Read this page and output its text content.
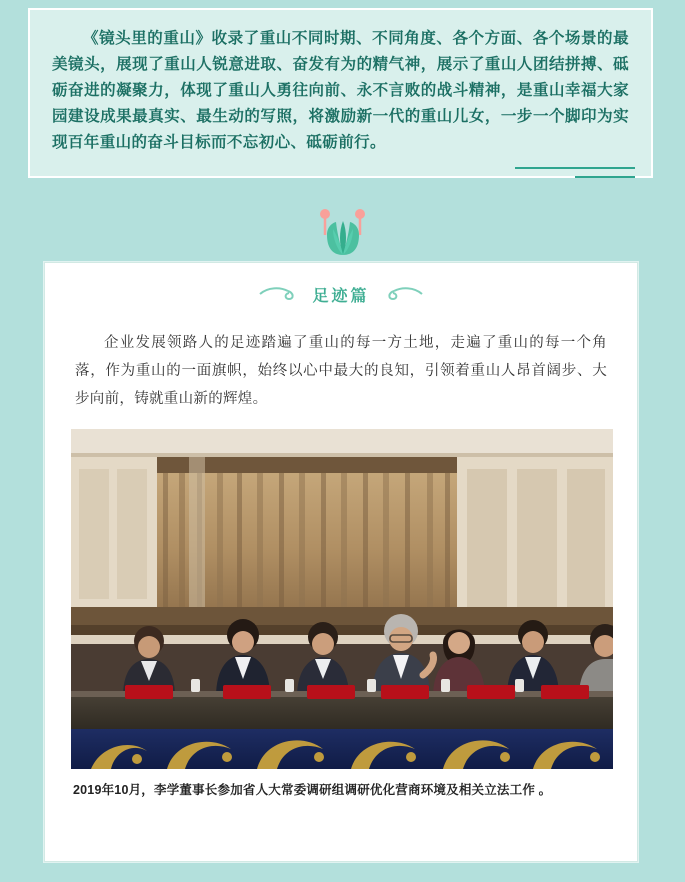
《镜头里的重山》收录了重山不同时期、不同角度、各个方面、各个场景的最美镜头，展现了重山人锐意进取、奋发有为的精气神，展示了重山人团结拼搏、砥砺奋进的凝聚力，体现了重山人勇往向前、永不言败的战斗精神，是重山幸福大家园建设成果最真实、最生动的写照，将激励新一代的重山儿女，一步一个脚印为实现百年重山的奋斗目标而不忘初心、砥砺前行。
足迹篇
企业发展领路人的足迹踏遍了重山的每一方土地，走遍了重山的每一个角落，作为重山的一面旗帜，始终以心中最大的良知，引领着重山人昂首阔步、大步向前，铸就重山新的辉煌。
2019年10月，李学董事长参加省人大常委调研组调研优化营商环境及相关立法工作 。
